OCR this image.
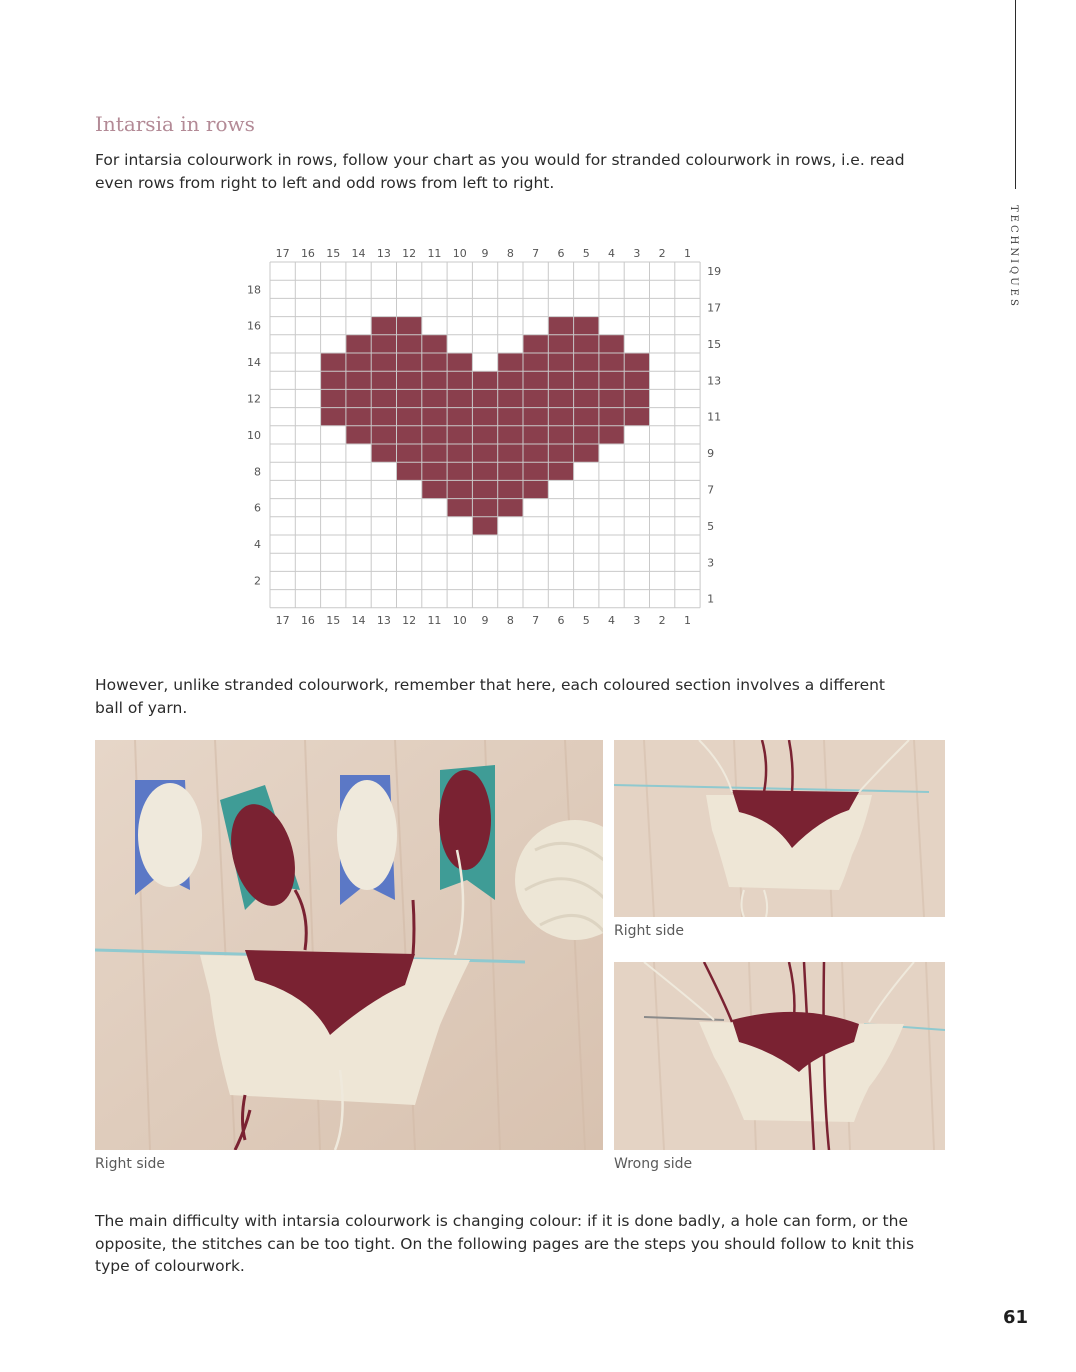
TECHNIQUES
Intarsia in rows

For intarsia colourwork in rows, follow your chart as you would for stranded colourwork in rows, i.e. read even rows from right to left and odd rows from left to right.

17
17
16
16
15
15
14
14
13
13
12
12
11
11
10
10
9
9
8
8
7
7
6
6
5
5
4
4
3
3
2
2
1
1
18
16
14
12
10
8
6
4
2
19
17
15
13
11
9
7
5
3
1

However, unlike stranded colourwork, remember that here, each coloured section involves a different ball of yarn.

Right side

Right side

Wrong side

The main difficulty with intarsia colourwork is changing colour: if it is done badly, a hole can form, or the opposite, the stitches can be too tight. On the following pages are the steps you should follow to knit this type of colourwork.

61
